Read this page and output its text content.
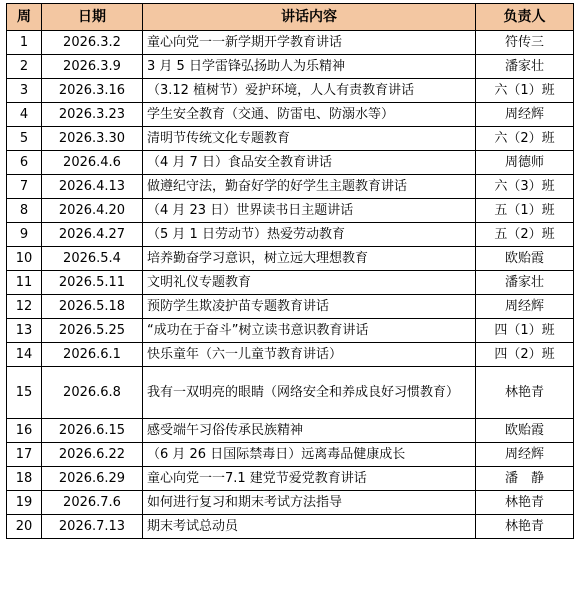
周	日期	讲话内容	负责人
1	2026.3.2	童心向党一一新学期开学教育讲话	符传三
2	2026.3.9	3 月 5 日学雷锋弘扬助人为乐精神	潘家壮
3	2026.3.16	（3.12 植树节）爱护环境，人人有责教育讲话	六（1）班
4	2026.3.23	学生安全教育（交通、防雷电、防溺水等）	周经辉
5	2026.3.30	清明节传统文化专题教育	六（2）班
6	2026.4.6	（4 月 7 日）食品安全教育讲话	周德师
7	2026.4.13	做遵纪守法，勤奋好学的好学生主题教育讲话	六（3）班
8	2026.4.20	（4 月 23 日）世界读书日主题讲话	五（1）班
9	2026.4.27	（5 月 1 日劳动节）热爱劳动教育	五（2）班
10	2026.5.4	培养勤奋学习意识，树立远大理想教育	欧贻霞
11	2026.5.11	文明礼仪专题教育	潘家壮
12	2026.5.18	预防学生欺凌护苗专题教育讲话	周经辉
13	2026.5.25	“成功在于奋斗”树立读书意识教育讲话	四（1）班
14	2026.6.1	快乐童年（六一儿童节教育讲话）	四（2）班
15	2026.6.8	我有一双明亮的眼睛（网络安全和养成良好习惯教育）	林艳青
16	2026.6.15	感受端午习俗传承民族精神	欧贻霞
17	2026.6.22	（6 月 26 日国际禁毒日）远离毒品健康成长	周经辉
18	2026.6.29	童心向党一一7.1 建党节爱党教育讲话	潘　静
19	2026.7.6	如何进行复习和期末考试方法指导	林艳青
20	2026.7.13	期末考试总动员	林艳青
